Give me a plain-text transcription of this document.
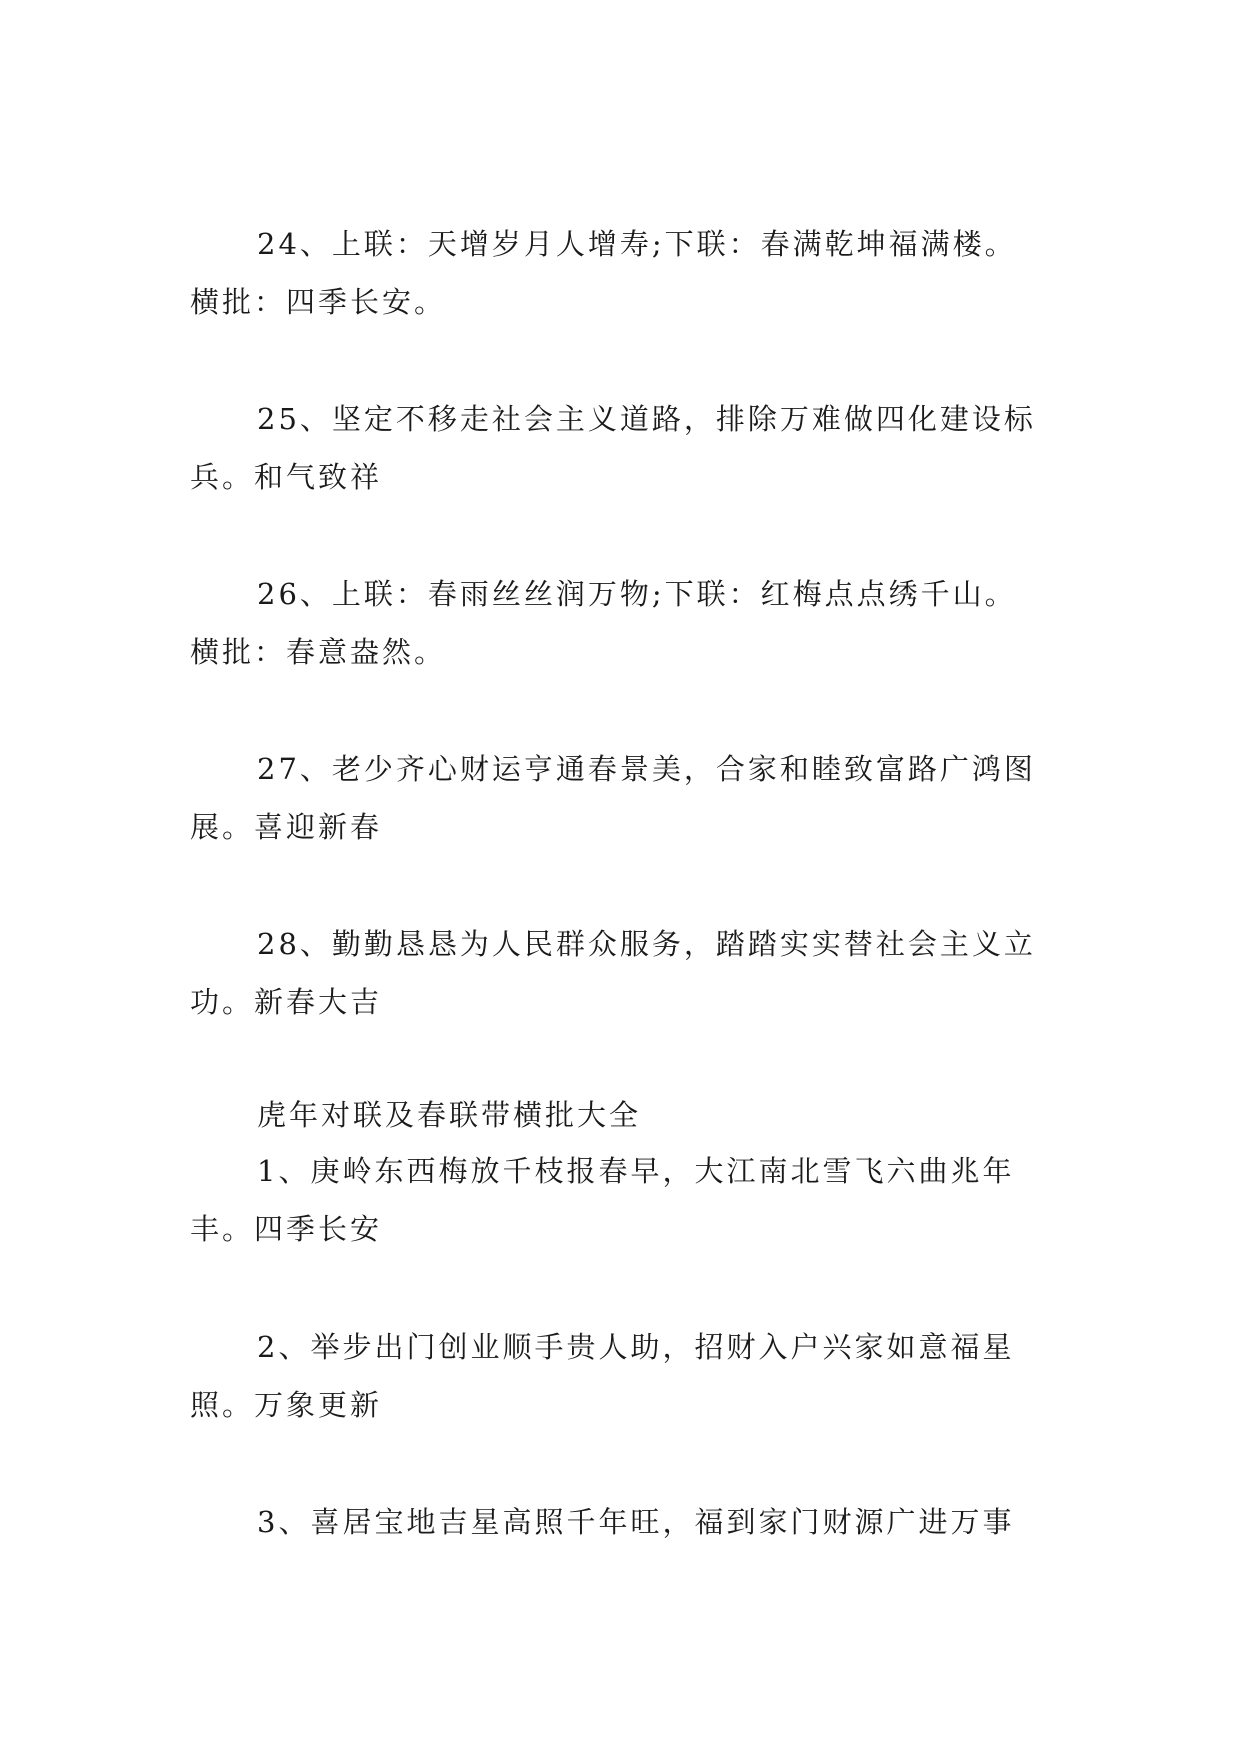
24、上联：天增岁月人增寿;下联：春满乾坤福满楼。
横批：四季长安。
25、坚定不移走社会主义道路，排除万难做四化建设标
兵。和气致祥
26、上联：春雨丝丝润万物;下联：红梅点点绣千山。
横批：春意盎然。
27、老少齐心财运亨通春景美，合家和睦致富路广鸿图
展。喜迎新春
28、勤勤恳恳为人民群众服务，踏踏实实替社会主义立
功。新春大吉
虎年对联及春联带横批大全
1、庚岭东西梅放千枝报春早，大江南北雪飞六曲兆年
丰。四季长安
2、举步出门创业顺手贵人助，招财入户兴家如意福星
照。万象更新
3、喜居宝地吉星高照千年旺，福到家门财源广进万事
